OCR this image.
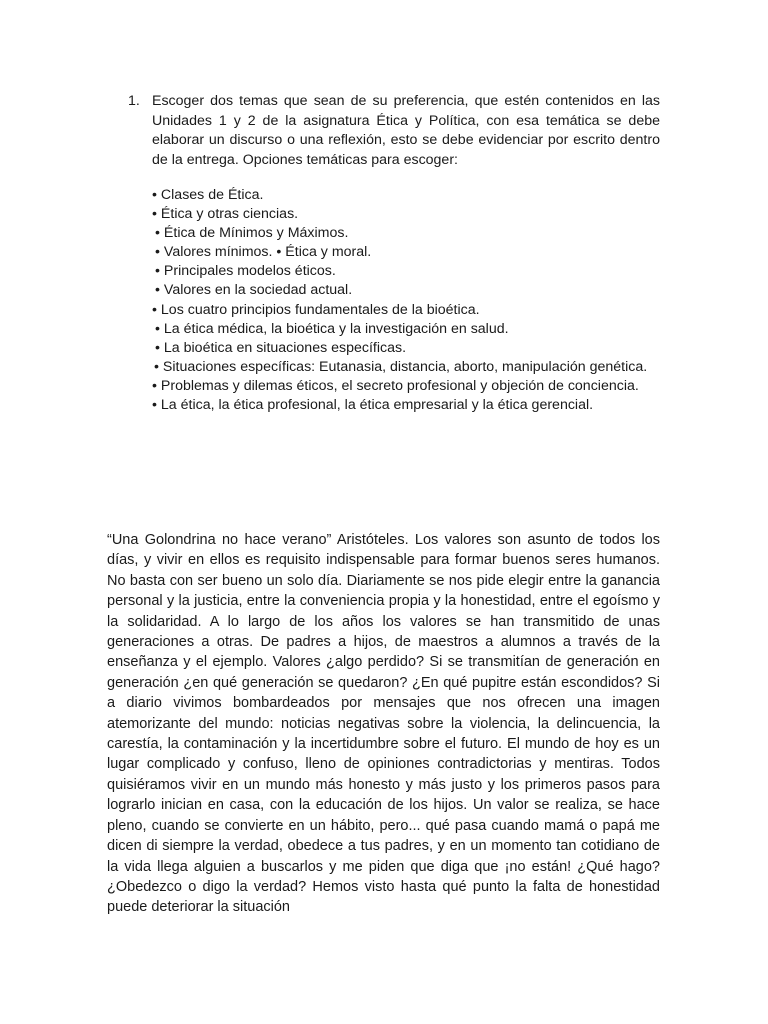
1. Escoger dos temas que sean de su preferencia, que estén contenidos en las Unidades 1 y 2 de la asignatura Ética y Política, con esa temática se debe elaborar un discurso o una reflexión, esto se debe evidenciar por escrito dentro de la entrega. Opciones temáticas para escoger:
• Clases de Ética.
• Ética y otras ciencias.
• Ética de Mínimos y Máximos.
• Valores mínimos. • Ética y moral.
• Principales modelos éticos.
• Valores en la sociedad actual.
• Los cuatro principios fundamentales de la bioética.
• La ética médica, la bioética y la investigación en salud.
• La bioética en situaciones específicas.
• Situaciones específicas: Eutanasia, distancia, aborto, manipulación genética.
• Problemas y dilemas éticos, el secreto profesional y objeción de conciencia.
• La ética, la ética profesional, la ética empresarial y la ética gerencial.

“Una Golondrina no hace verano” Aristóteles. Los valores son asunto de todos los días, y vivir en ellos es requisito indispensable para formar buenos seres humanos. No basta con ser bueno un solo día. Diariamente se nos pide elegir entre la ganancia personal y la justicia, entre la conveniencia propia y la honestidad, entre el egoísmo y la solidaridad. A lo largo de los años los valores se han transmitido de unas generaciones a otras. De padres a hijos, de maestros a alumnos a través de la enseñanza y el ejemplo. Valores ¿algo perdido? Si se transmitían de generación en generación ¿en qué generación se quedaron? ¿En qué pupitre están escondidos? Si a diario vivimos bombardeados por mensajes que nos ofrecen una imagen atemorizante del mundo: noticias negativas sobre la violencia, la delincuencia, la carestía, la contaminación y la incertidumbre sobre el futuro. El mundo de hoy es un lugar complicado y confuso, lleno de opiniones contradictorias y mentiras. Todos quisiéramos vivir en un mundo más honesto y más justo y los primeros pasos para lograrlo inician en casa, con la educación de los hijos. Un valor se realiza, se hace pleno, cuando se convierte en un hábito, pero... qué pasa cuando mamá o papá me dicen di siempre la verdad, obedece a tus padres, y en un momento tan cotidiano de la vida llega alguien a buscarlos y me piden que diga que ¡no están! ¿Qué hago? ¿Obedezco o digo la verdad? Hemos visto hasta qué punto la falta de honestidad puede deteriorar la situación
